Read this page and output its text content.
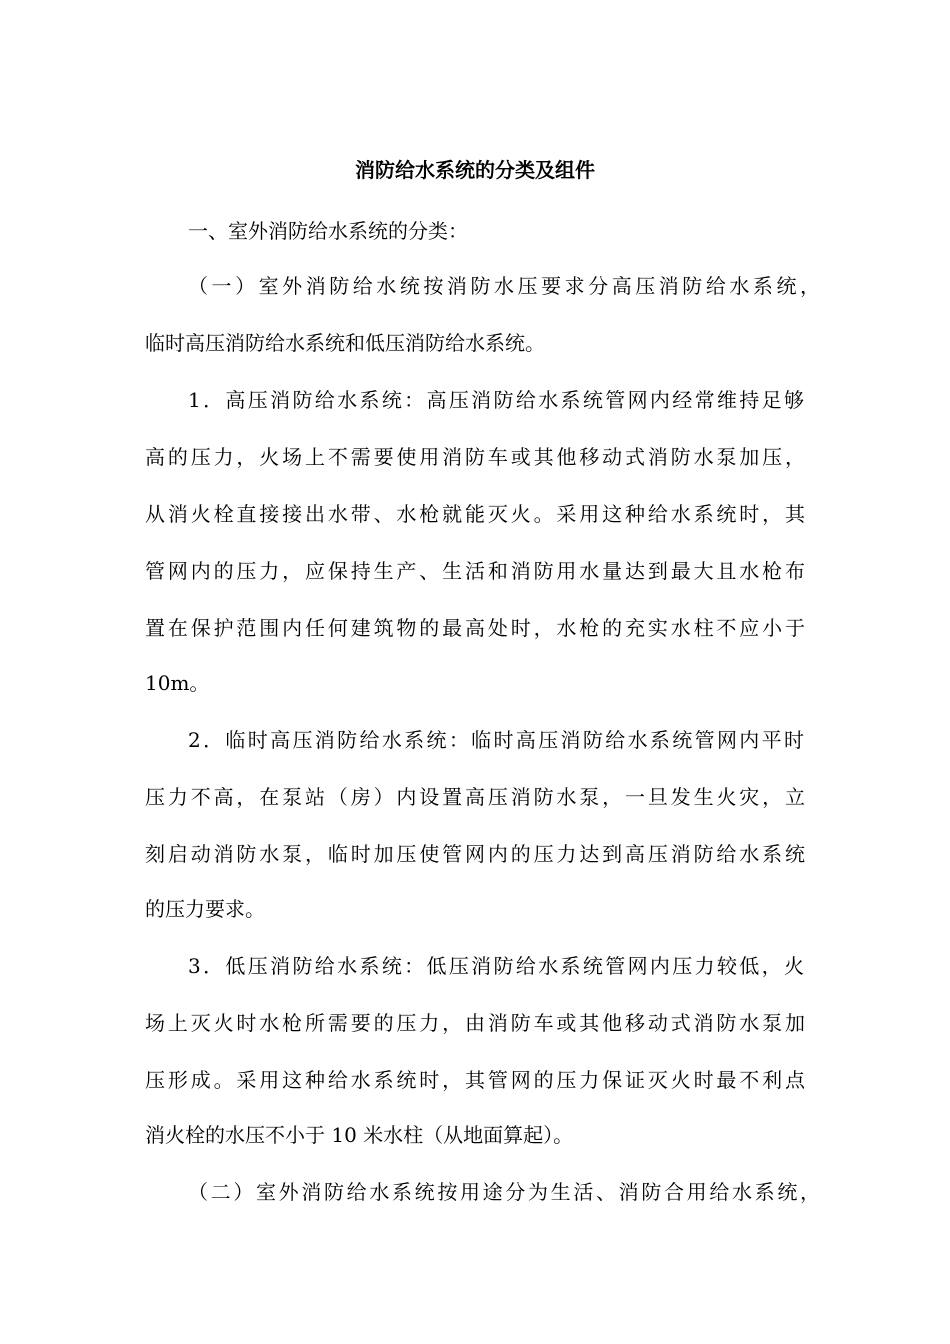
消防给水系统的分类及组件
一、室外消防给水系统的分类：
（一）室外消防给水统按消防水压要求分高压消防给水系统，
临时高压消防给水系统和低压消防给水系统。
1．高压消防给水系统：高压消防给水系统管网内经常维持足够
高的压力，火场上不需要使用消防车或其他移动式消防水泵加压，
从消火栓直接接出水带、水枪就能灭火。采用这种给水系统时，其
管网内的压力，应保持生产、生活和消防用水量达到最大且水枪布
置在保护范围内任何建筑物的最高处时，水枪的充实水柱不应小于
10m。
2．临时高压消防给水系统：临时高压消防给水系统管网内平时
压力不高，在泵站（房）内设置高压消防水泵，一旦发生火灾，立
刻启动消防水泵，临时加压使管网内的压力达到高压消防给水系统
的压力要求。
3．低压消防给水系统：低压消防给水系统管网内压力较低，火
场上灭火时水枪所需要的压力，由消防车或其他移动式消防水泵加
压形成。采用这种给水系统时，其管网的压力保证灭火时最不利点
消火栓的水压不小于 10 米水柱（从地面算起）。
（二）室外消防给水系统按用途分为生活、消防合用给水系统，
